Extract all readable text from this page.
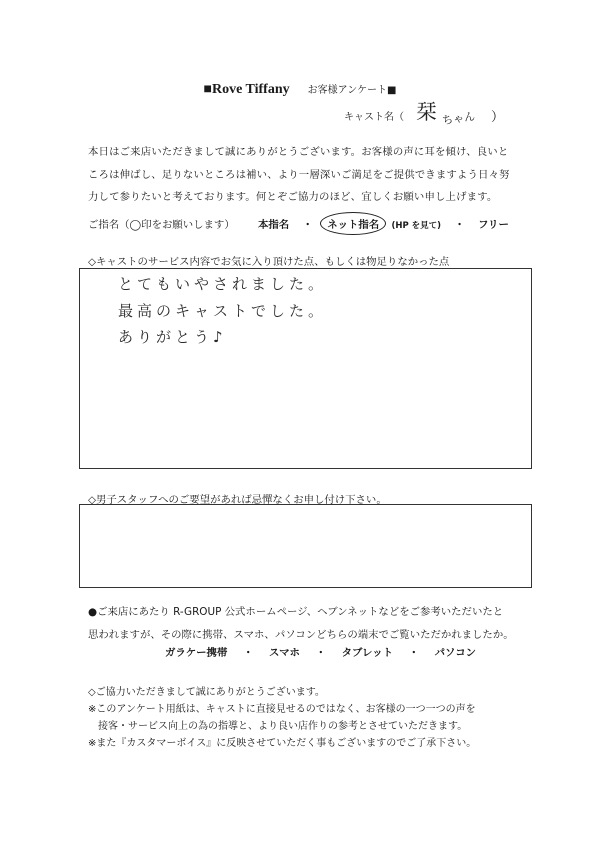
■Rove Tiffany お客様アンケート■
キャスト名（ 栞 ちゃん ）
本日はご来店いただきまして誠にありがとうございます。お客様の声に耳を傾け、良いと
ころは伸ばし、足りないところは補い、より一層深いご満足をご提供できますよう日々努
力して参りたいと考えております。何とぞご協力のほど、宜しくお願い申し上げます。
ご指名（◯印をお願いします） 本指名 ・ ネット指名 (HP を見て) ・ フリー
◇キャストのサービス内容でお気に入り頂けた点、もしくは物足りなかった点
とてもいやされました。
最高のキャストでした。
ありがとう♪
◇男子スタッフへのご要望があれば忌憚なくお申し付け下さい。
●ご来店にあたり R-GROUP 公式ホームページ、ヘブンネットなどをご参考いただいたと
思われますが、その際に携帯、スマホ、パソコンどちらの端末でご覧いただかれましたか。
ガラケー携帯 ・ スマホ ・ タブレット ・ パソコン
◇ご協力いただきまして誠にありがとうございます。
※このアンケート用紙は、キャストに直接見せるのではなく、お客様の一つ一つの声を
　接客・サービス向上の為の指導と、より良い店作りの参考とさせていただきます。
※また『カスタマーボイス』に反映させていただく事もございますのでご了承下さい。
